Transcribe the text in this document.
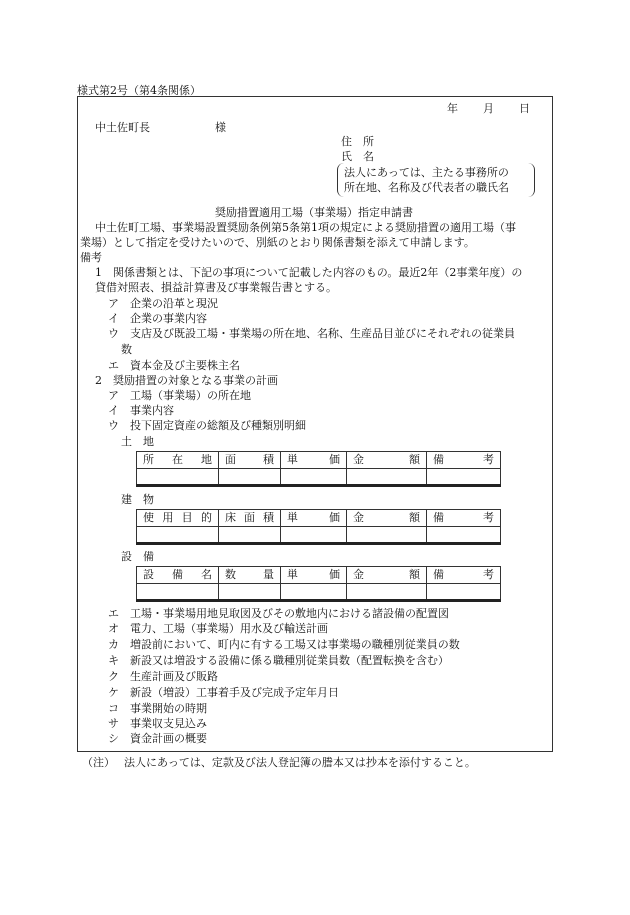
様式第2号（第4条関係）
年　　月　　日
中土佐町長	様
住　所
氏　名
法人にあっては、主たる事務所の
所在地、名称及び代表者の職氏名
奨励措置適用工場（事業場）指定申請書
中土佐町工場、事業場設置奨励条例第5条第1項の規定による奨励措置の適用工場（事
業場）として指定を受けたいので、別紙のとおり関係書類を添えて申請します。
備考
1　関係書類とは、下記の事項について記載した内容のもの。最近2年（2事業年度）の
貸借対照表、損益計算書及び事業報告書とする。
ア　企業の沿革と現況
イ　企業の事業内容
ウ　支店及び既設工場・事業場の所在地、名称、生産品目並びにそれぞれの従業員
数
エ　資本金及び主要株主名
2　奨励措置の対象となる事業の計画
ア　工場（事業場）の所在地
イ　事業内容
ウ　投下固定資産の総額及び種類別明細
土　地
所 在 地	面 積	単 価	金 額	備 考

建　物
使 用 目 的	床 面 積	単 価	金 額	備 考

設　備
設 備 名	数 量	単 価	金 額	備 考

エ　工場・事業場用地見取図及びその敷地内における諸設備の配置図
オ　電力、工場（事業場）用水及び輸送計画
カ　増設前において、町内に有する工場又は事業場の職種別従業員の数
キ　新設又は増設する設備に係る職種別従業員数（配置転換を含む）
ク　生産計画及び販路
ケ　新設（増設）工事着手及び完成予定年月日
コ　事業開始の時期
サ　事業収支見込み
シ　資金計画の概要
（注） 法人にあっては、定款及び法人登記簿の謄本又は抄本を添付すること。
